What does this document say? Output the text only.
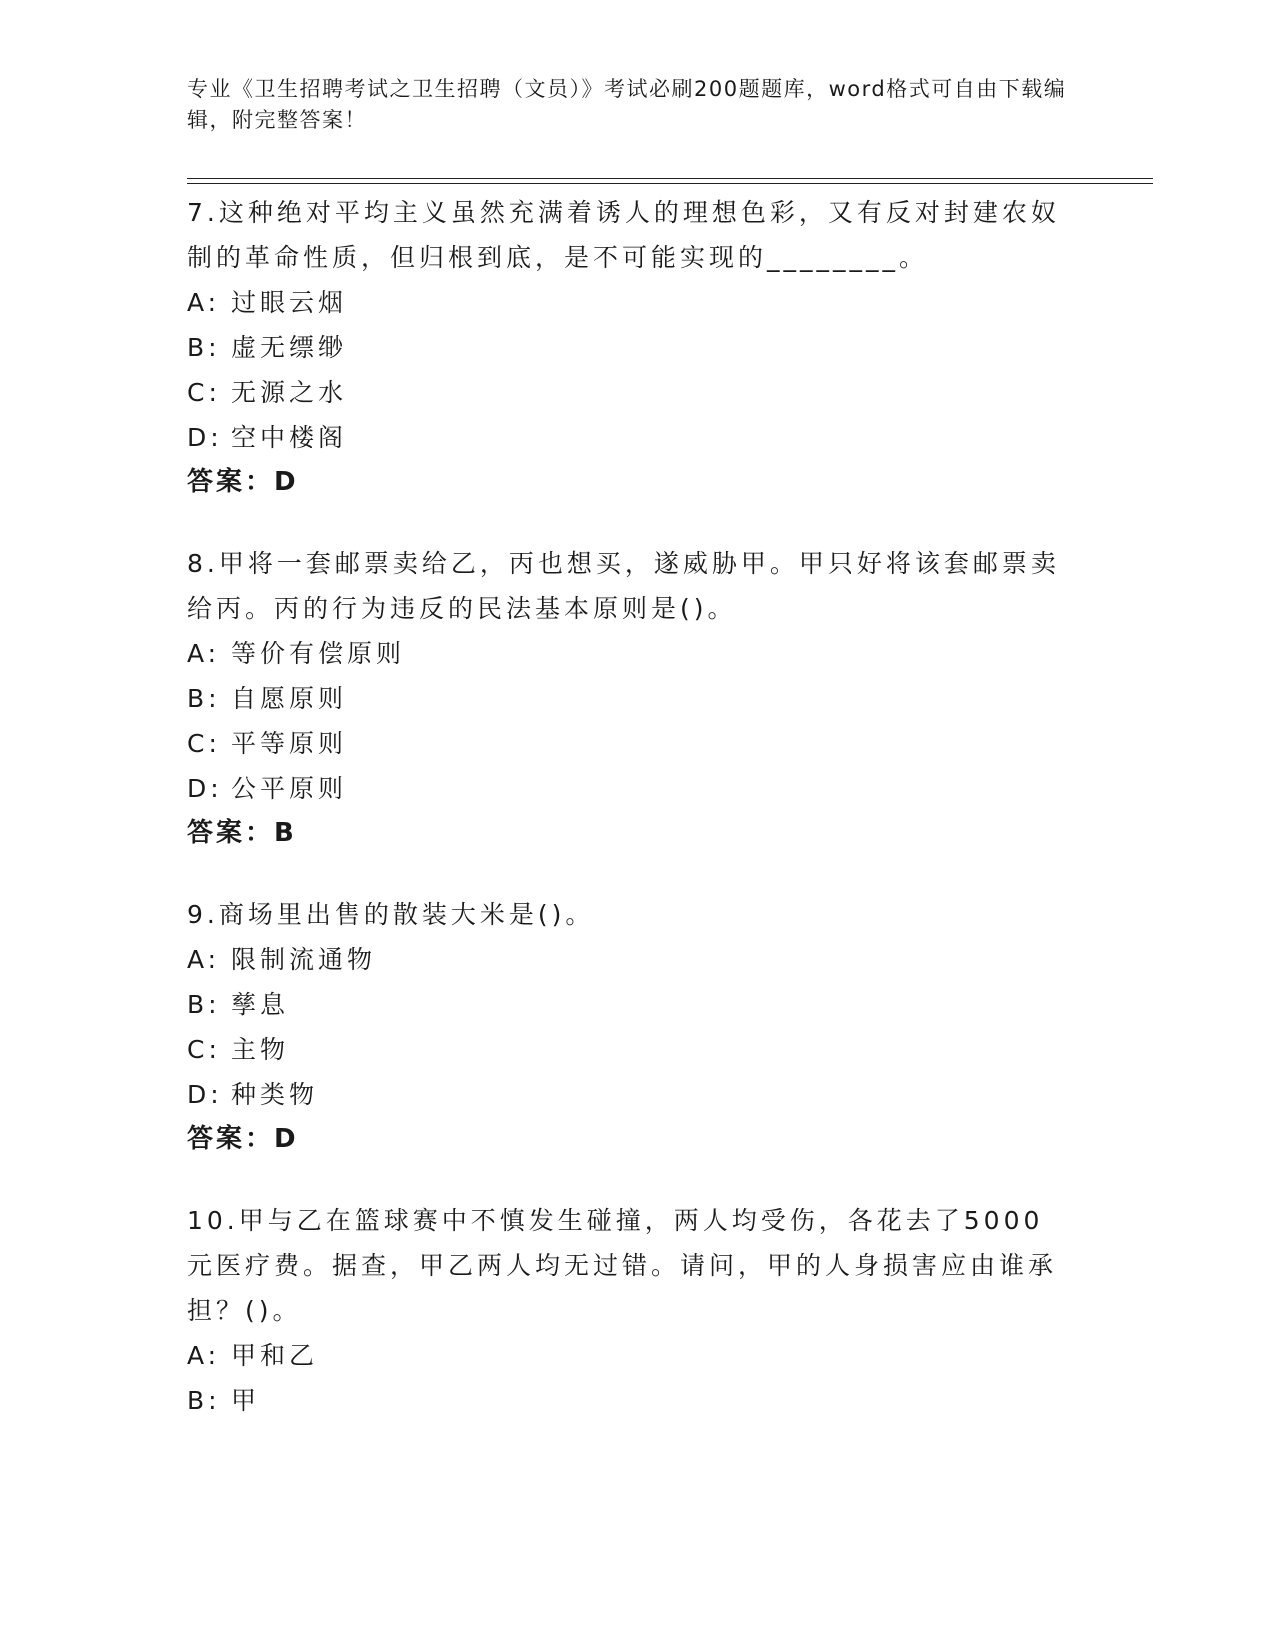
专业《卫生招聘考试之卫生招聘（文员）》考试必刷200题题库，word格式可自由下载编辑，附完整答案！
7.这种绝对平均主义虽然充满着诱人的理想色彩，又有反对封建农奴制的革命性质，但归根到底，是不可能实现的________。
A: 过眼云烟
B: 虚无缥缈
C: 无源之水
D: 空中楼阁
答案：D
8.甲将一套邮票卖给乙，丙也想买，遂威胁甲。甲只好将该套邮票卖给丙。丙的行为违反的民法基本原则是()。
A: 等价有偿原则
B: 自愿原则
C: 平等原则
D: 公平原则
答案：B
9.商场里出售的散装大米是()。
A: 限制流通物
B: 孳息
C: 主物
D: 种类物
答案：D
10.甲与乙在篮球赛中不慎发生碰撞，两人均受伤，各花去了5000元医疗费。据查，甲乙两人均无过错。请问，甲的人身损害应由谁承担？()。
A: 甲和乙
B: 甲
